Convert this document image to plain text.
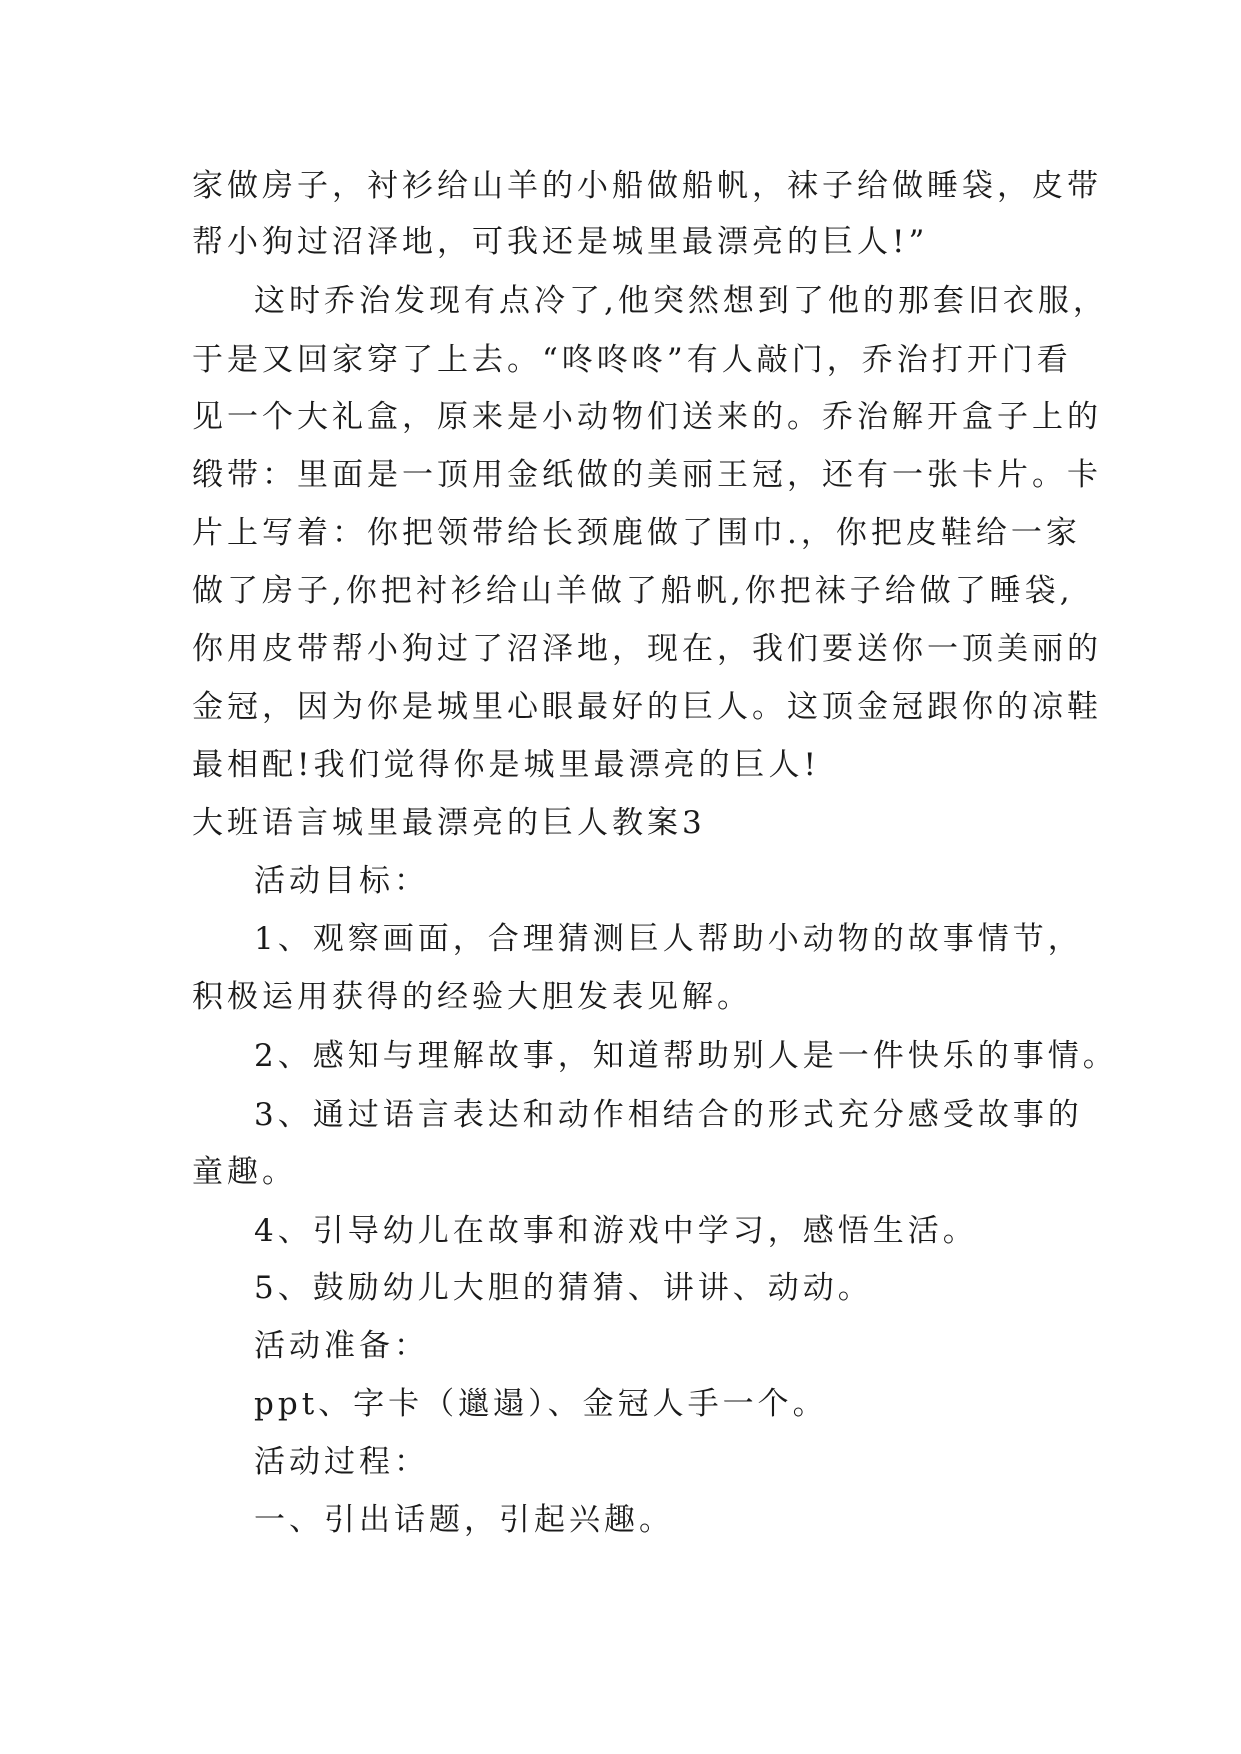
家做房子，衬衫给山羊的小船做船帆，袜子给做睡袋，皮带
帮小狗过沼泽地，可我还是城里最漂亮的巨人!”
这时乔治发现有点冷了,他突然想到了他的那套旧衣服，
于是又回家穿了上去。“咚咚咚”有人敲门，乔治打开门看
见一个大礼盒，原来是小动物们送来的。乔治解开盒子上的
缎带：里面是一顶用金纸做的美丽王冠，还有一张卡片。卡
片上写着：你把领带给长颈鹿做了围巾.，你把皮鞋给一家
做了房子,你把衬衫给山羊做了船帆,你把袜子给做了睡袋,
你用皮带帮小狗过了沼泽地，现在，我们要送你一顶美丽的
金冠，因为你是城里心眼最好的巨人。这顶金冠跟你的凉鞋
最相配!我们觉得你是城里最漂亮的巨人!
大班语言城里最漂亮的巨人教案3
活动目标：
1、观察画面，合理猜测巨人帮助小动物的故事情节，
积极运用获得的经验大胆发表见解。
2、感知与理解故事，知道帮助别人是一件快乐的事情。
3、通过语言表达和动作相结合的形式充分感受故事的
童趣。
4、引导幼儿在故事和游戏中学习，感悟生活。
5、鼓励幼儿大胆的猜猜、讲讲、动动。
活动准备：
ppt、字卡（邋遢）、金冠人手一个。
活动过程：
一、引出话题，引起兴趣。
